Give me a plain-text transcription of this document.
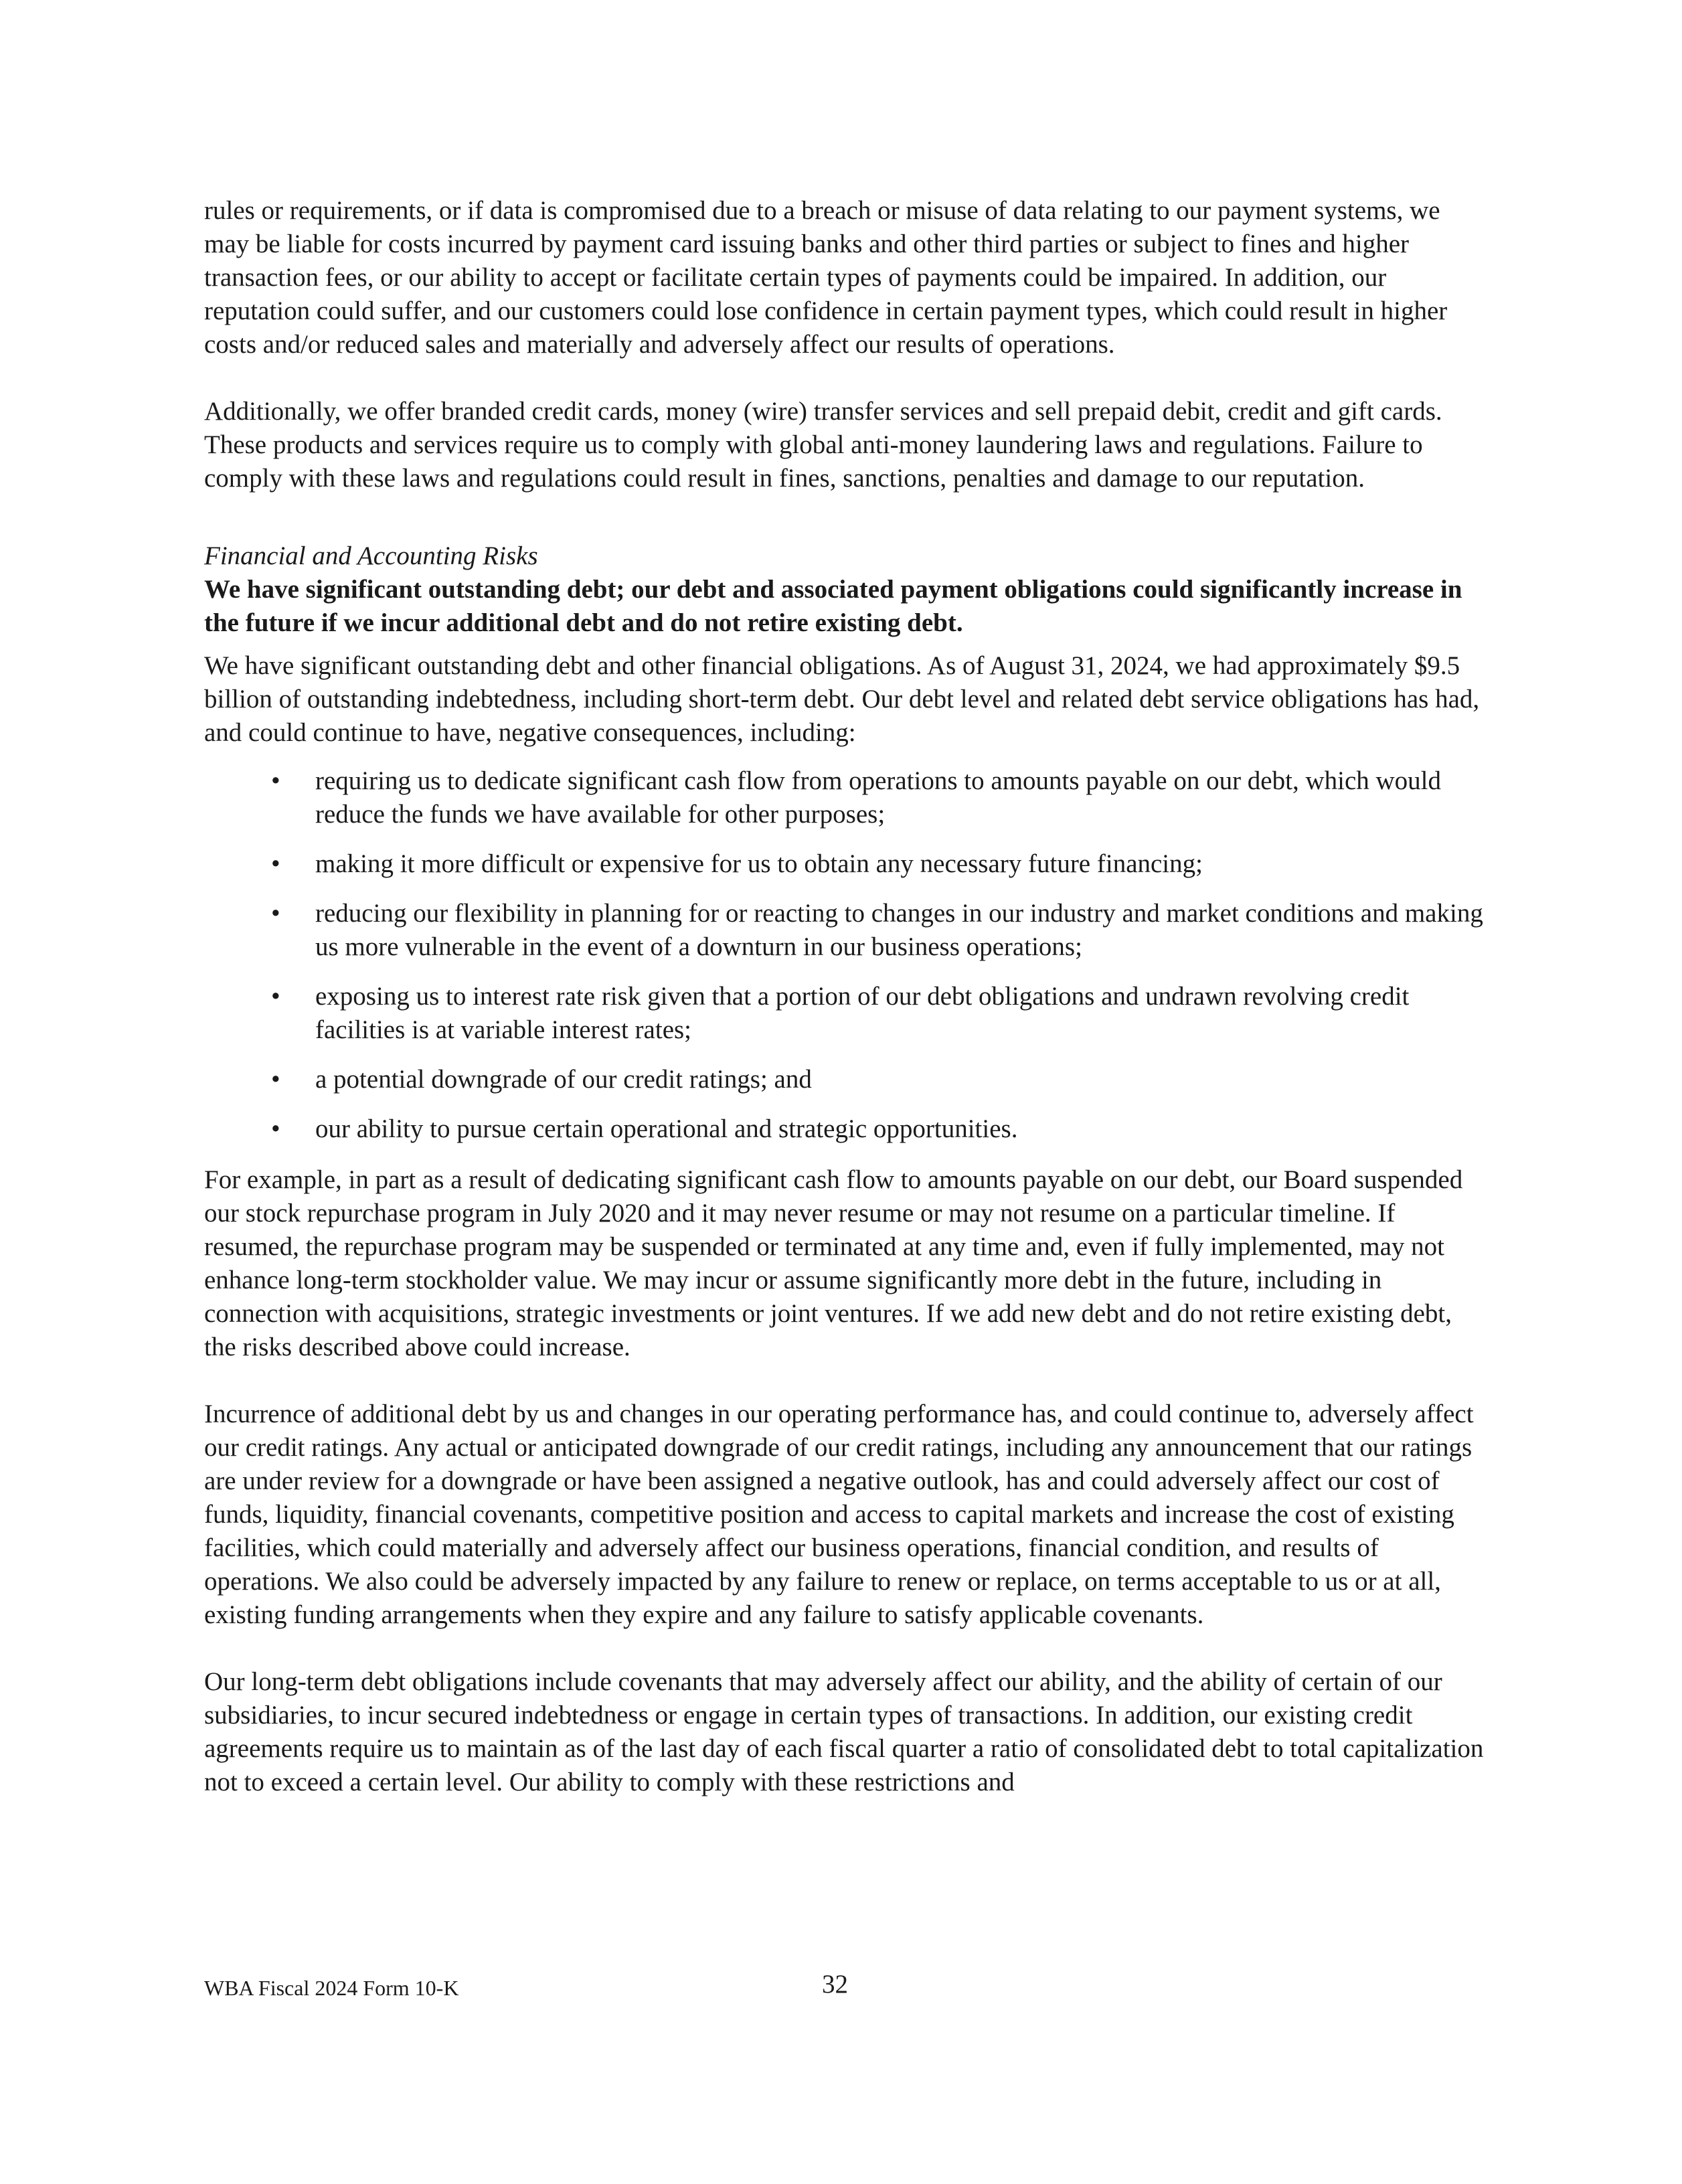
rules or requirements, or if data is compromised due to a breach or misuse of data relating to our payment systems, we may be liable for costs incurred by payment card issuing banks and other third parties or subject to fines and higher transaction fees, or our ability to accept or facilitate certain types of payments could be impaired. In addition, our reputation could suffer, and our customers could lose confidence in certain payment types, which could result in higher costs and/or reduced sales and materially and adversely affect our results of operations.

Additionally, we offer branded credit cards, money (wire) transfer services and sell prepaid debit, credit and gift cards. These products and services require us to comply with global anti-money laundering laws and regulations. Failure to comply with these laws and regulations could result in fines, sanctions, penalties and damage to our reputation.

Financial and Accounting Risks

We have significant outstanding debt; our debt and associated payment obligations could significantly increase in the future if we incur additional debt and do not retire existing debt.

We have significant outstanding debt and other financial obligations. As of August 31, 2024, we had approximately $9.5 billion of outstanding indebtedness, including short-term debt. Our debt level and related debt service obligations has had, and could continue to have, negative consequences, including:

• requiring us to dedicate significant cash flow from operations to amounts payable on our debt, which would reduce the funds we have available for other purposes;
• making it more difficult or expensive for us to obtain any necessary future financing;
• reducing our flexibility in planning for or reacting to changes in our industry and market conditions and making us more vulnerable in the event of a downturn in our business operations;
• exposing us to interest rate risk given that a portion of our debt obligations and undrawn revolving credit facilities is at variable interest rates;
• a potential downgrade of our credit ratings; and
• our ability to pursue certain operational and strategic opportunities.

For example, in part as a result of dedicating significant cash flow to amounts payable on our debt, our Board suspended our stock repurchase program in July 2020 and it may never resume or may not resume on a particular timeline. If resumed, the repurchase program may be suspended or terminated at any time and, even if fully implemented, may not enhance long-term stockholder value. We may incur or assume significantly more debt in the future, including in connection with acquisitions, strategic investments or joint ventures. If we add new debt and do not retire existing debt, the risks described above could increase.

Incurrence of additional debt by us and changes in our operating performance has, and could continue to, adversely affect our credit ratings. Any actual or anticipated downgrade of our credit ratings, including any announcement that our ratings are under review for a downgrade or have been assigned a negative outlook, has and could adversely affect our cost of funds, liquidity, financial covenants, competitive position and access to capital markets and increase the cost of existing facilities, which could materially and adversely affect our business operations, financial condition, and results of operations. We also could be adversely impacted by any failure to renew or replace, on terms acceptable to us or at all, existing funding arrangements when they expire and any failure to satisfy applicable covenants.

Our long-term debt obligations include covenants that may adversely affect our ability, and the ability of certain of our subsidiaries, to incur secured indebtedness or engage in certain types of transactions. In addition, our existing credit agreements require us to maintain as of the last day of each fiscal quarter a ratio of consolidated debt to total capitalization not to exceed a certain level. Our ability to comply with these restrictions and

WBA Fiscal 2024 Form 10-K	32
